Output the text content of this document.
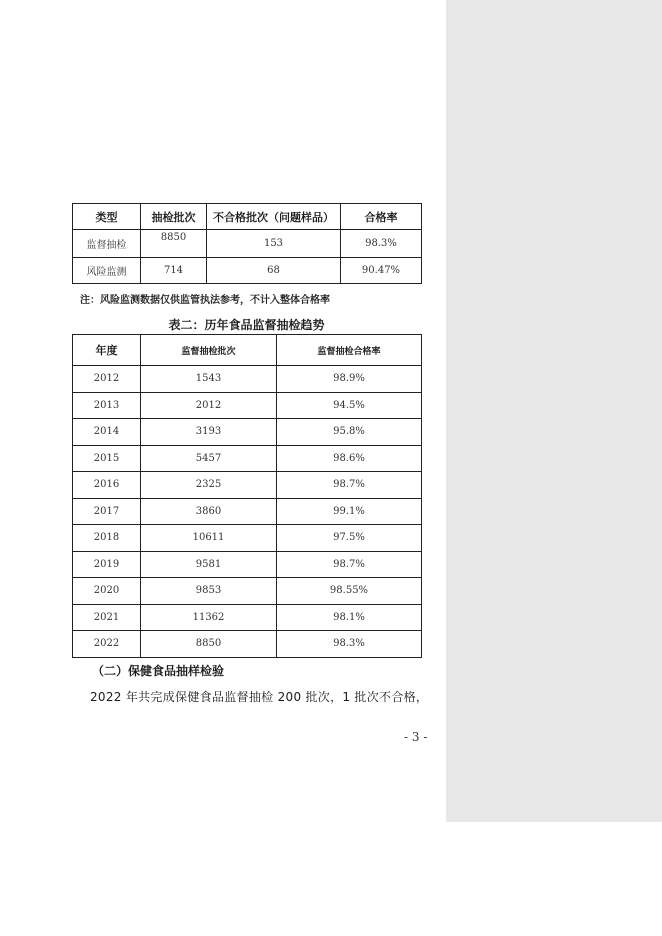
类型	抽检批次	不合格批次（问题样品）	合格率
监督抽检	8850	153	98.3%
风险监测	714	68	90.47%
注：风险监测数据仅供监管执法参考，不计入整体合格率
表二：历年食品监督抽检趋势
年度	监督抽检批次	监督抽检合格率
2012	1543	98.9%
2013	2012	94.5%
2014	3193	95.8%
2015	5457	98.6%
2016	2325	98.7%
2017	3860	99.1%
2018	10611	97.5%
2019	9581	98.7%
2020	9853	98.55%
2021	11362	98.1%
2022	8850	98.3%
（二）保健食品抽样检验
2022 年共完成保健食品监督抽检 200 批次，1 批次不合格，
- 3 -
